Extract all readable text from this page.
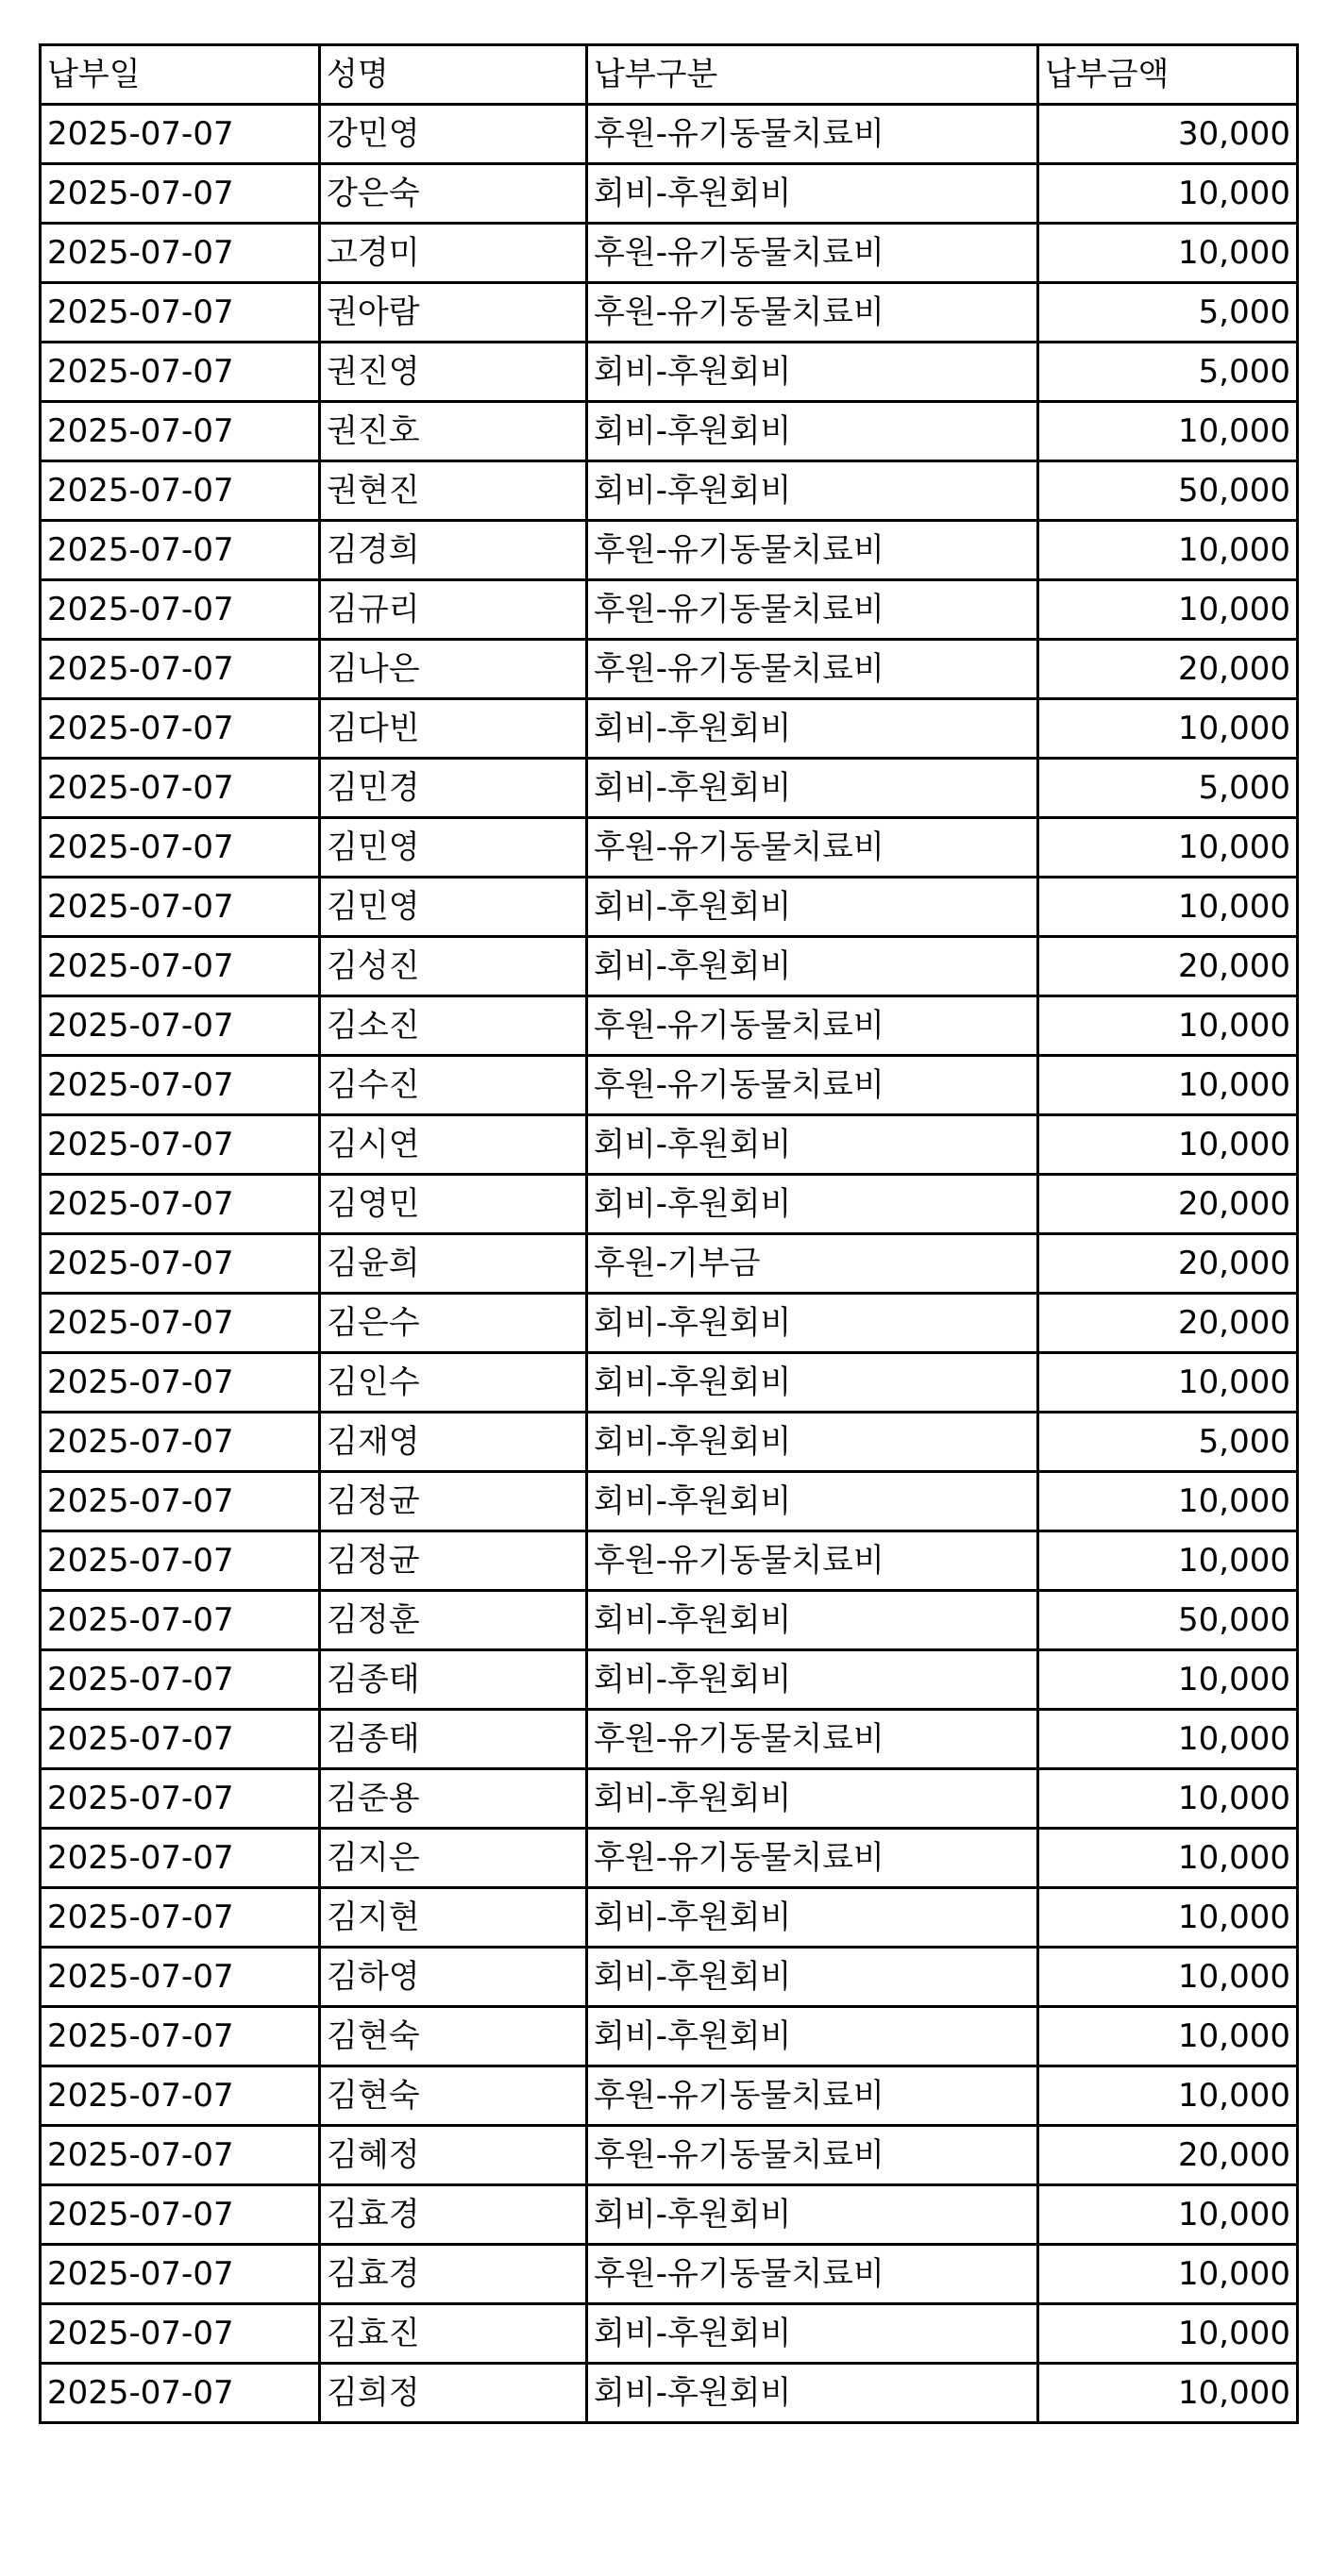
납부일	성명	납부구분	납부금액
2025-07-07	강민영	후원-유기동물치료비	30,000
2025-07-07	강은숙	회비-후원회비	10,000
2025-07-07	고경미	후원-유기동물치료비	10,000
2025-07-07	권아람	후원-유기동물치료비	5,000
2025-07-07	권진영	회비-후원회비	5,000
2025-07-07	권진호	회비-후원회비	10,000
2025-07-07	권현진	회비-후원회비	50,000
2025-07-07	김경희	후원-유기동물치료비	10,000
2025-07-07	김규리	후원-유기동물치료비	10,000
2025-07-07	김나은	후원-유기동물치료비	20,000
2025-07-07	김다빈	회비-후원회비	10,000
2025-07-07	김민경	회비-후원회비	5,000
2025-07-07	김민영	후원-유기동물치료비	10,000
2025-07-07	김민영	회비-후원회비	10,000
2025-07-07	김성진	회비-후원회비	20,000
2025-07-07	김소진	후원-유기동물치료비	10,000
2025-07-07	김수진	후원-유기동물치료비	10,000
2025-07-07	김시연	회비-후원회비	10,000
2025-07-07	김영민	회비-후원회비	20,000
2025-07-07	김윤희	후원-기부금	20,000
2025-07-07	김은수	회비-후원회비	20,000
2025-07-07	김인수	회비-후원회비	10,000
2025-07-07	김재영	회비-후원회비	5,000
2025-07-07	김정균	회비-후원회비	10,000
2025-07-07	김정균	후원-유기동물치료비	10,000
2025-07-07	김정훈	회비-후원회비	50,000
2025-07-07	김종태	회비-후원회비	10,000
2025-07-07	김종태	후원-유기동물치료비	10,000
2025-07-07	김준용	회비-후원회비	10,000
2025-07-07	김지은	후원-유기동물치료비	10,000
2025-07-07	김지현	회비-후원회비	10,000
2025-07-07	김하영	회비-후원회비	10,000
2025-07-07	김현숙	회비-후원회비	10,000
2025-07-07	김현숙	후원-유기동물치료비	10,000
2025-07-07	김혜정	후원-유기동물치료비	20,000
2025-07-07	김효경	회비-후원회비	10,000
2025-07-07	김효경	후원-유기동물치료비	10,000
2025-07-07	김효진	회비-후원회비	10,000
2025-07-07	김희정	회비-후원회비	10,000
